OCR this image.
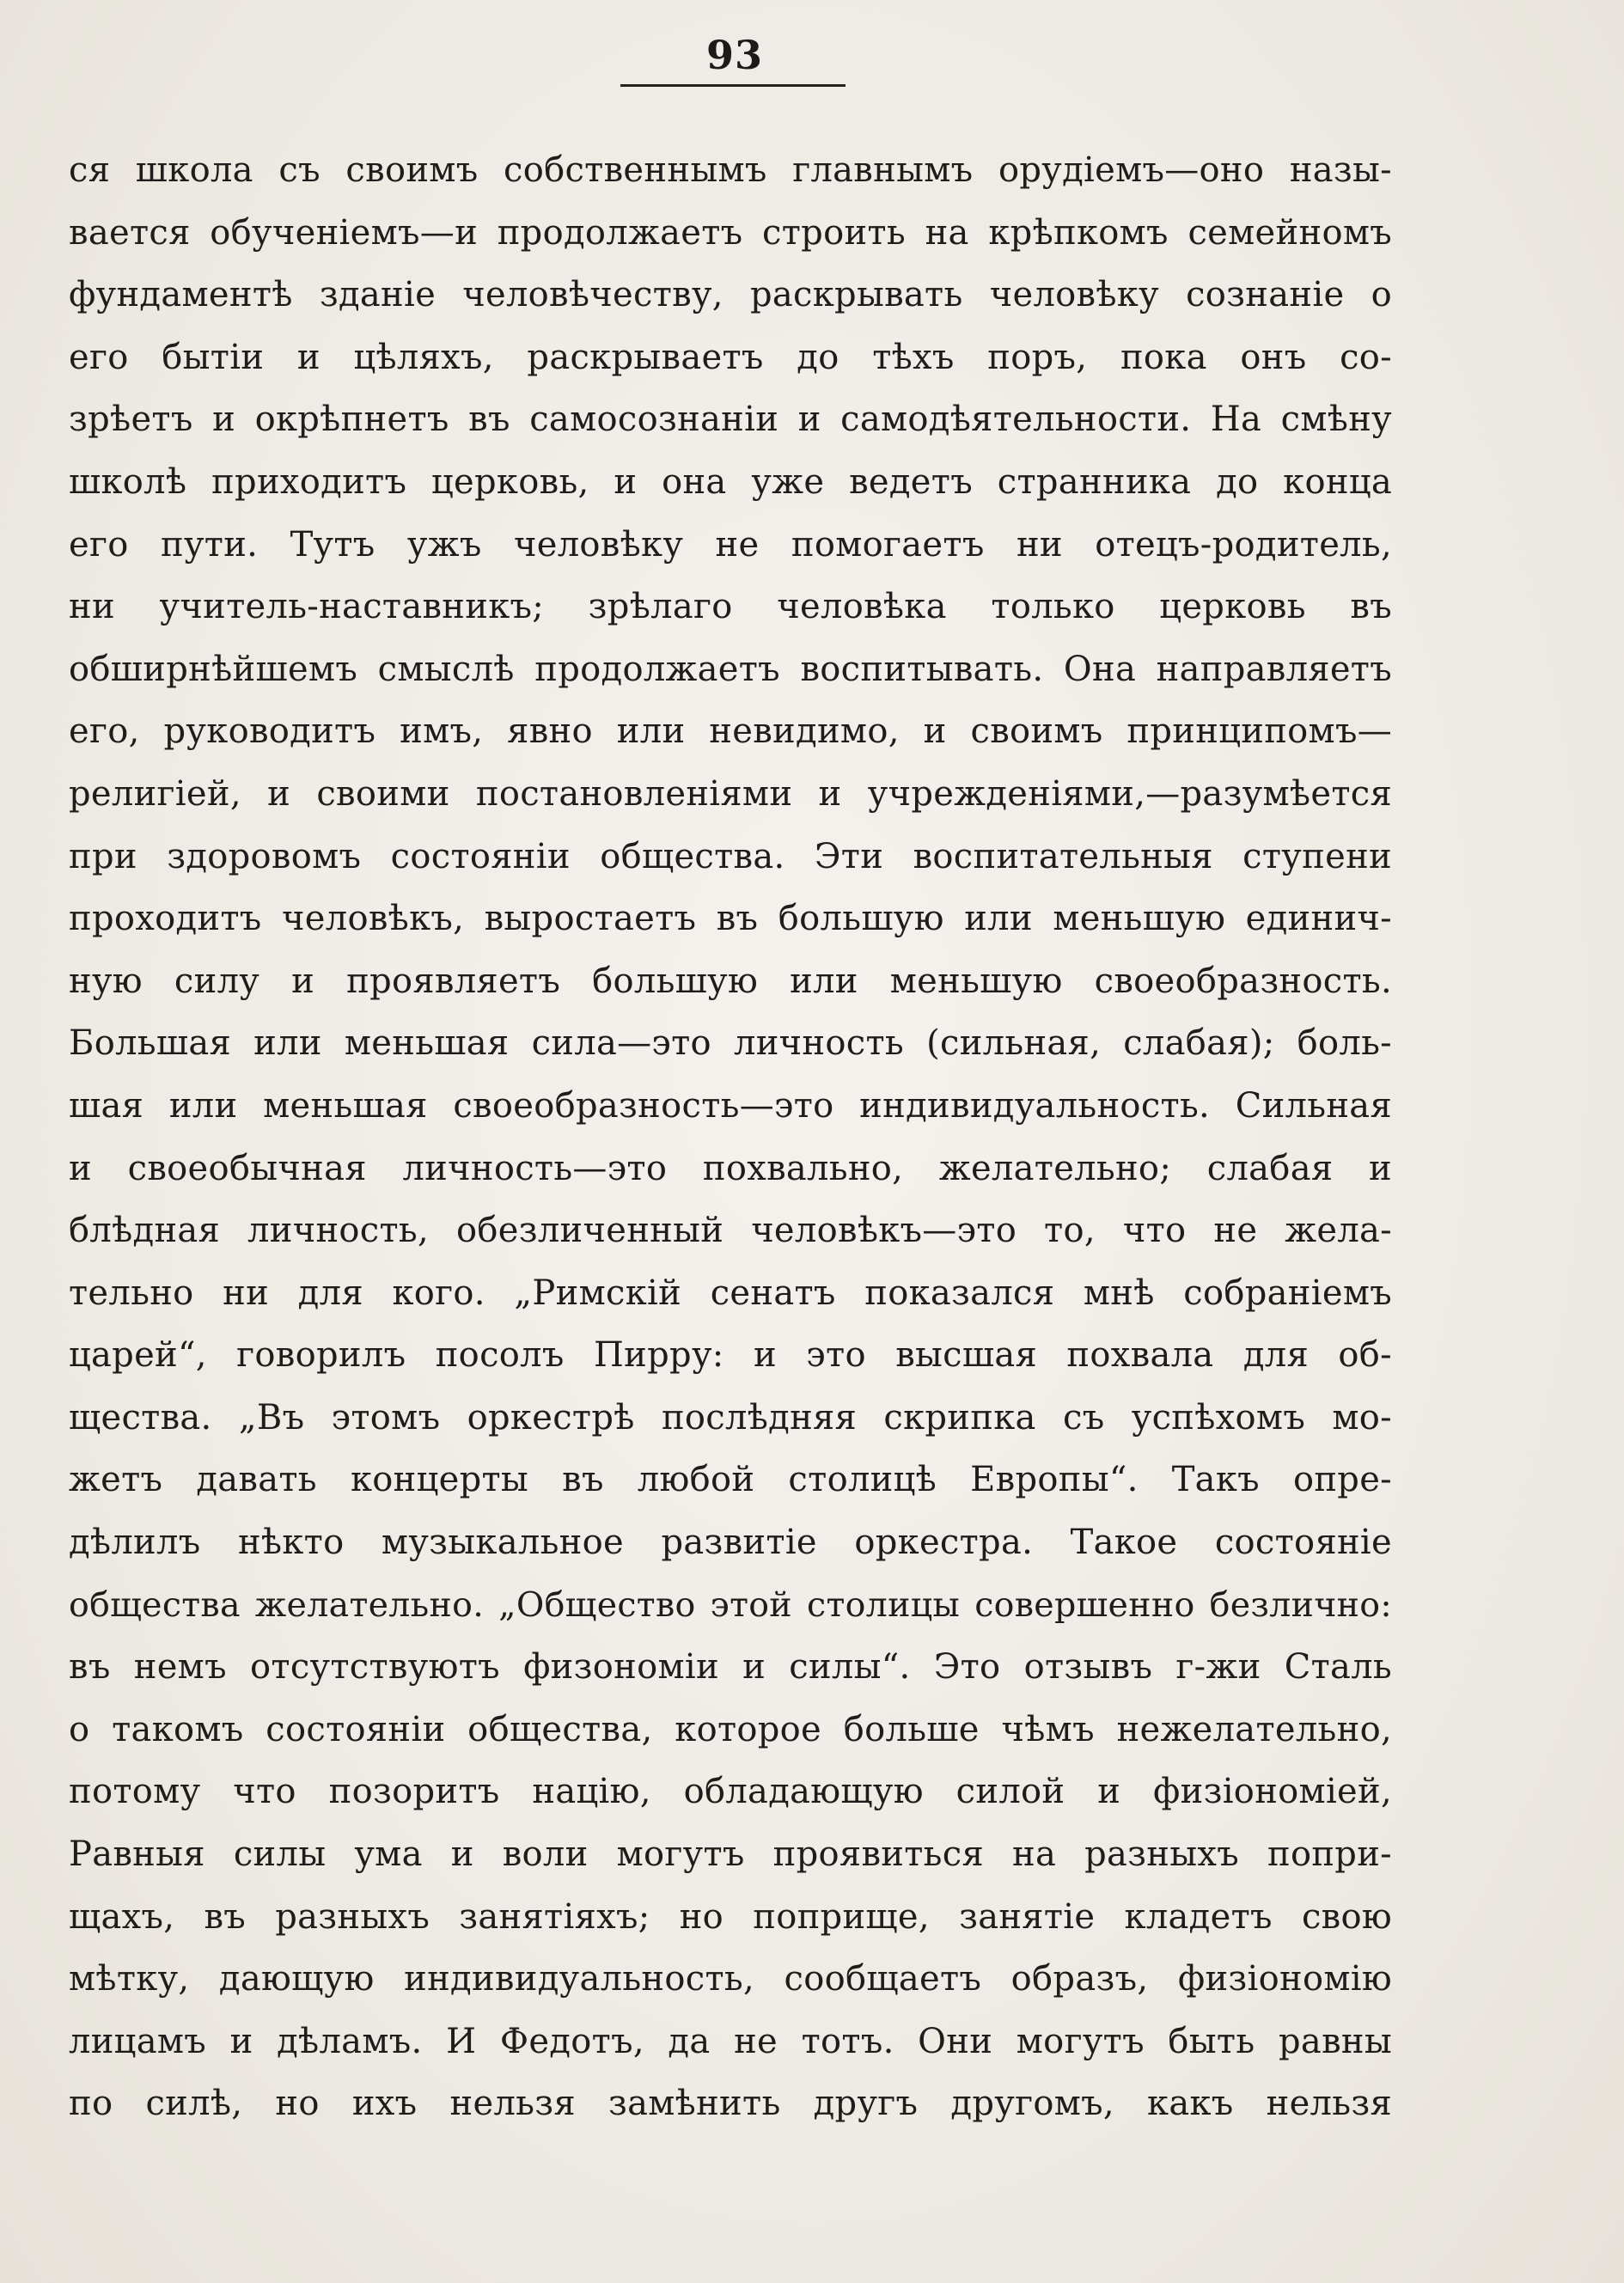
93
ся школа съ своимъ собственнымъ главнымъ орудіемъ—оно назы-
вается обученіемъ—и продолжаетъ строить на крѣпкомъ семейномъ
фундаментѣ зданіе человѣчеству, раскрывать человѣку сознаніе о
его бытіи и цѣляхъ, раскрываетъ до тѣхъ поръ, пока онъ со-
зрѣетъ и окрѣпнетъ въ самосознаніи и самодѣятельности. На смѣну
школѣ приходитъ церковь, и она уже ведетъ странника до конца
его пути. Тутъ ужъ человѣку не помогаетъ ни отецъ-родитель,
ни учитель-наставникъ; зрѣлаго человѣка только церковь въ
обширнѣйшемъ смыслѣ продолжаетъ воспитывать. Она направляетъ
его, руководитъ имъ, явно или невидимо, и своимъ принципомъ—
религіей, и своими постановленіями и учрежденіями,—разумѣется
при здоровомъ состояніи общества. Эти воспитательныя ступени
проходитъ человѣкъ, выростаетъ въ большую или меньшую единич-
ную силу и проявляетъ большую или меньшую своеобразность.
Большая или меньшая сила—это личность (сильная, слабая); боль-
шая или меньшая своеобразность—это индивидуальность. Сильная
и своеобычная личность—это похвально, желательно; слабая и
блѣдная личность, обезличенный человѣкъ—это то, что не жела-
тельно ни для кого. „Римскій сенатъ показался мнѣ собраніемъ
царей“, говорилъ посолъ Пирру: и это высшая похвала для об-
щества. „Въ этомъ оркестрѣ послѣдняя скрипка съ успѣхомъ мо-
жетъ давать концерты въ любой столицѣ Европы“. Такъ опре-
дѣлилъ нѣкто музыкальное развитіе оркестра. Такое состояніе
общества желательно. „Общество этой столицы совершенно безлично:
въ немъ отсутствуютъ физономіи и силы“. Это отзывъ г-жи Сталь
о такомъ состояніи общества, которое больше чѣмъ нежелательно,
потому что позоритъ націю, обладающую силой и физіономіей,
Равныя силы ума и воли могутъ проявиться на разныхъ попри-
щахъ, въ разныхъ занятіяхъ; но поприще, занятіе кладетъ свою
мѣтку, дающую индивидуальность, сообщаетъ образъ, физіономію
лицамъ и дѣламъ. И Федотъ, да не тотъ. Они могутъ быть равны
по силѣ, но ихъ нельзя замѣнить другъ другомъ, какъ нельзя
